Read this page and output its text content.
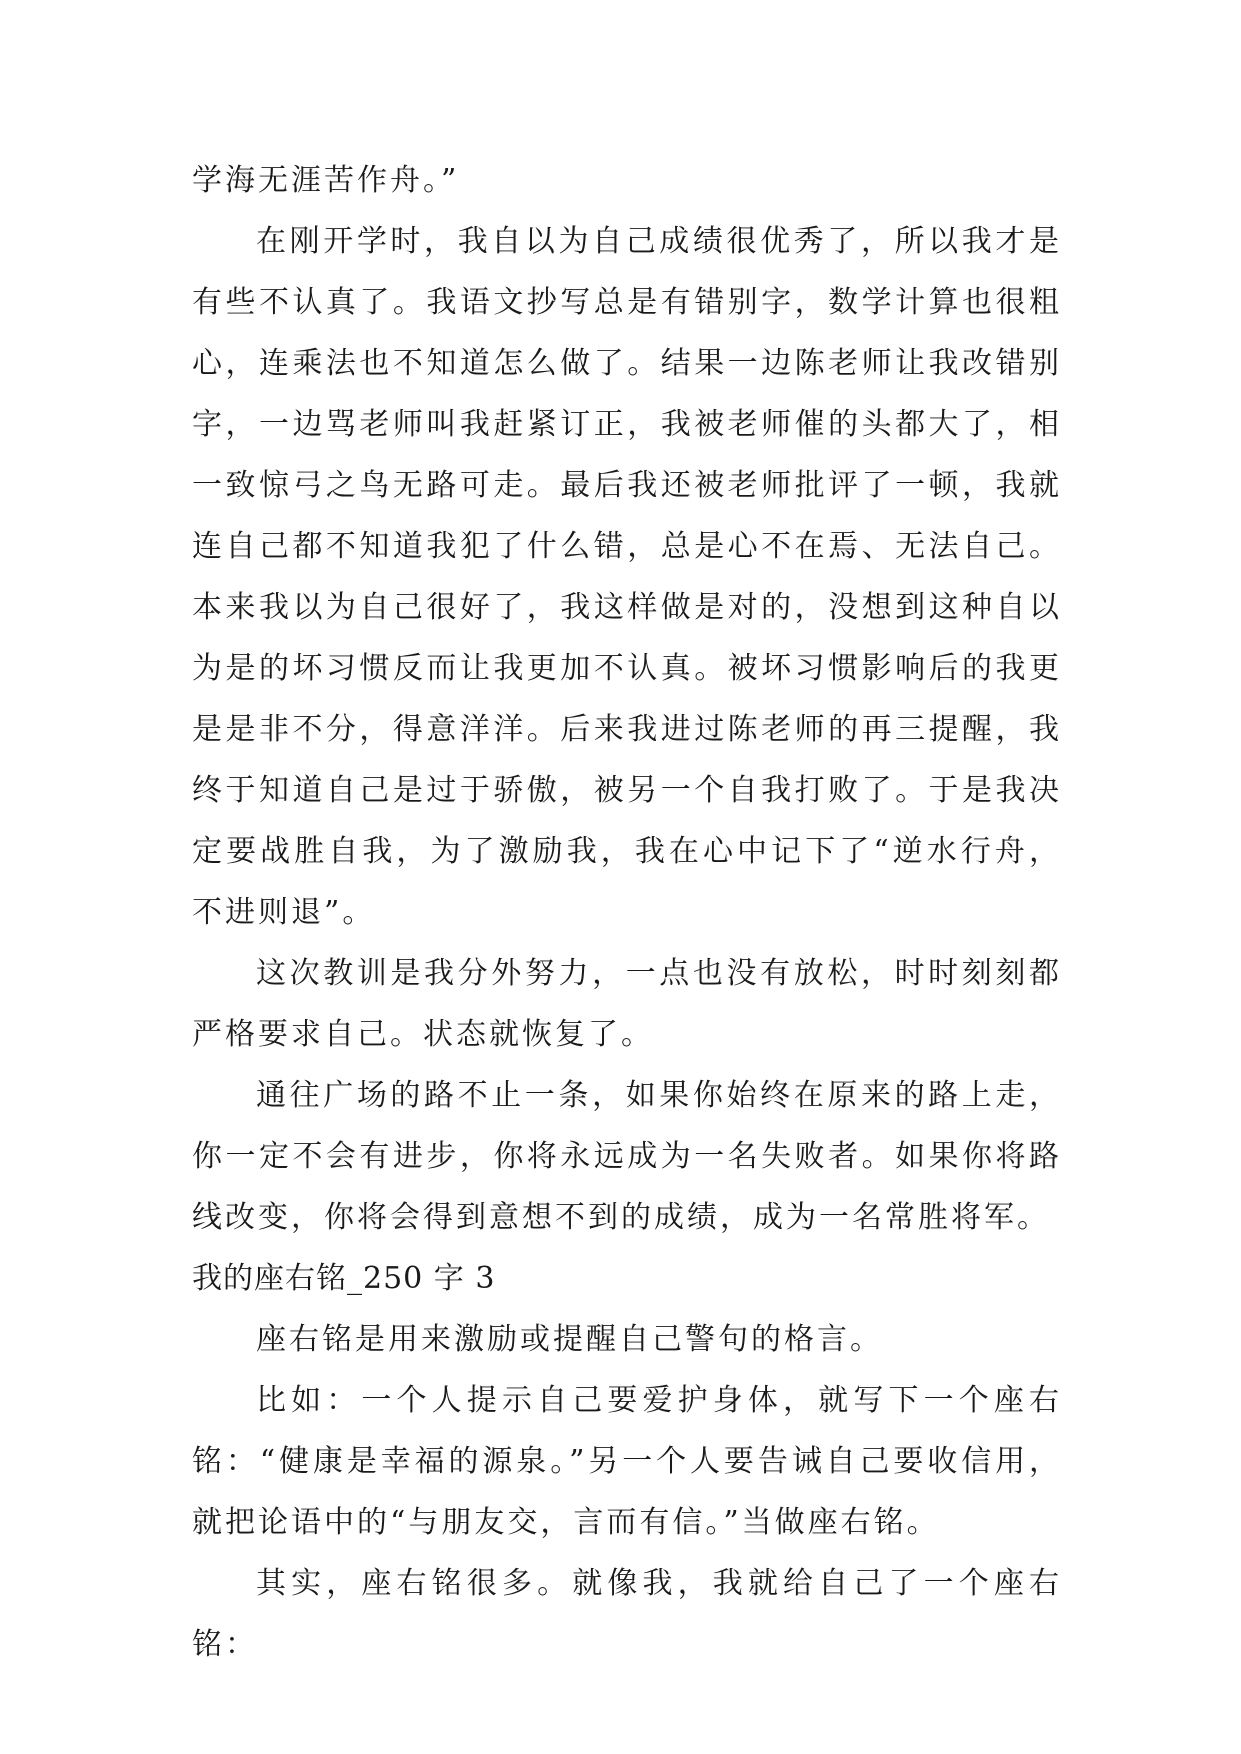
学海无涯苦作舟。”

在刚开学时，我自以为自己成绩很优秀了，所以我才是有些不认真了。我语文抄写总是有错别字，数学计算也很粗心，连乘法也不知道怎么做了。结果一边陈老师让我改错别字，一边骂老师叫我赶紧订正，我被老师催的头都大了，相一致惊弓之鸟无路可走。最后我还被老师批评了一顿，我就连自己都不知道我犯了什么错，总是心不在焉、无法自己。本来我以为自己很好了，我这样做是对的，没想到这种自以为是的坏习惯反而让我更加不认真。被坏习惯影响后的我更是是非不分，得意洋洋。后来我进过陈老师的再三提醒，我终于知道自己是过于骄傲，被另一个自我打败了。于是我决定要战胜自我，为了激励我，我在心中记下了“逆水行舟，不进则退”。

这次教训是我分外努力，一点也没有放松，时时刻刻都严格要求自己。状态就恢复了。

通往广场的路不止一条，如果你始终在原来的路上走，你一定不会有进步，你将永远成为一名失败者。如果你将路线改变，你将会得到意想不到的成绩，成为一名常胜将军。

我的座右铭_250 字 3

座右铭是用来激励或提醒自己警句的格言。

比如：一个人提示自己要爱护身体，就写下一个座右铭：“健康是幸福的源泉。”另一个人要告诫自己要收信用，就把论语中的“与朋友交，言而有信。”当做座右铭。

其实，座右铭很多。就像我，我就给自己了一个座右铭：
